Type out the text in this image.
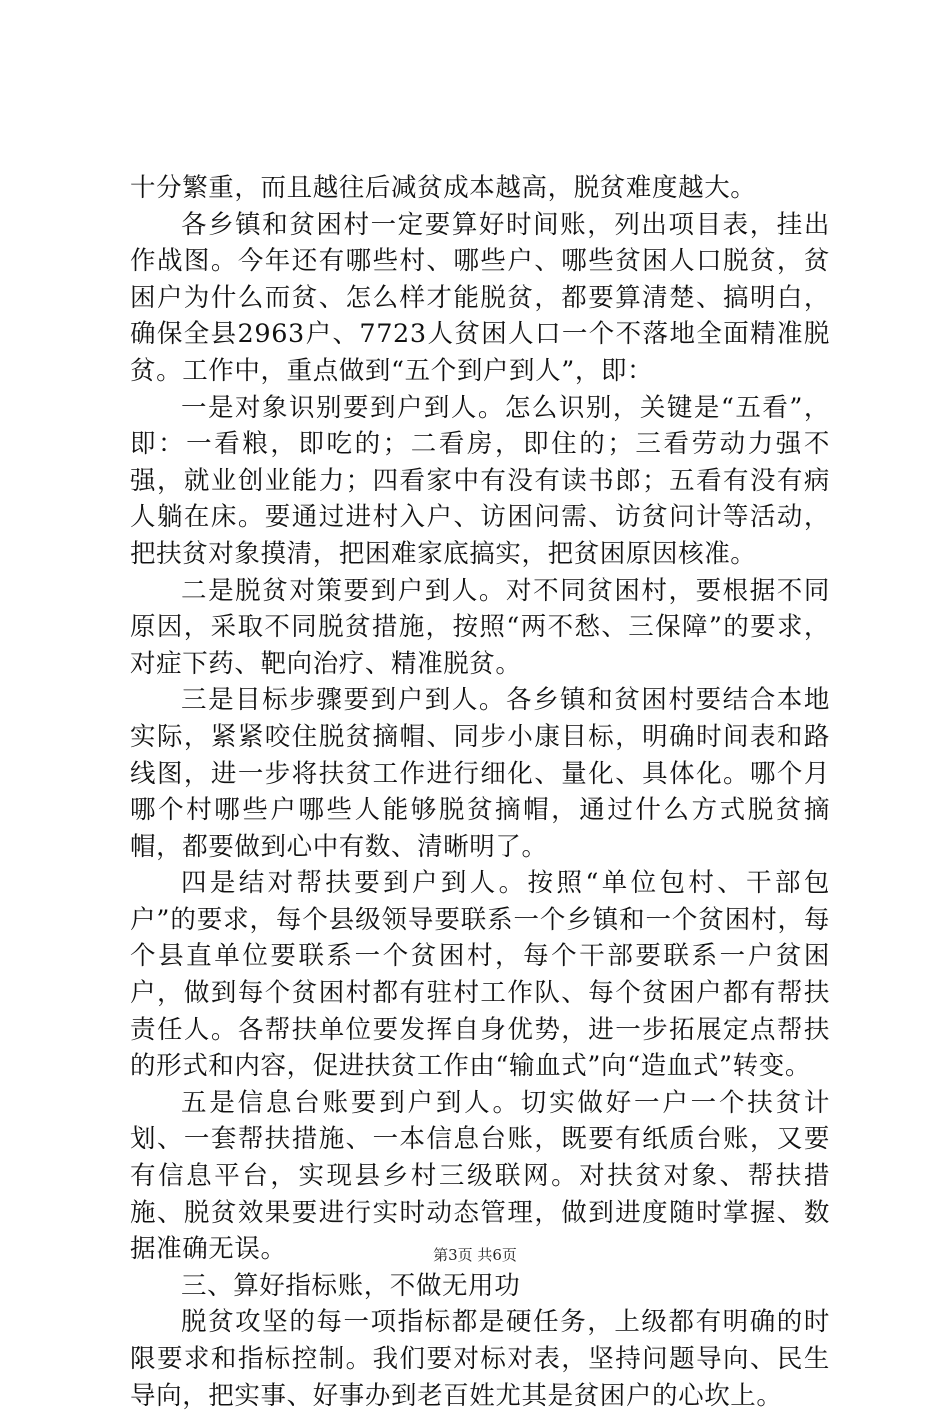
十分繁重，而且越往后减贫成本越高，脱贫难度越大。

各乡镇和贫困村一定要算好时间账，列出项目表，挂出作战图。今年还有哪些村、哪些户、哪些贫困人口脱贫，贫困户为什么而贫、怎么样才能脱贫，都要算清楚、搞明白，确保全县2963户、7723人贫困人口一个不落地全面精准脱贫。工作中，重点做到“五个到户到人”，即：

一是对象识别要到户到人。怎么识别，关键是“五看”，即：一看粮，即吃的；二看房，即住的；三看劳动力强不强，就业创业能力；四看家中有没有读书郎；五看有没有病人躺在床。要通过进村入户、访困问需、访贫问计等活动，把扶贫对象摸清，把困难家底搞实，把贫困原因核准。

二是脱贫对策要到户到人。对不同贫困村，要根据不同原因，采取不同脱贫措施，按照“两不愁、三保障”的要求，对症下药、靶向治疗、精准脱贫。

三是目标步骤要到户到人。各乡镇和贫困村要结合本地实际，紧紧咬住脱贫摘帽、同步小康目标，明确时间表和路线图，进一步将扶贫工作进行细化、量化、具体化。哪个月哪个村哪些户哪些人能够脱贫摘帽，通过什么方式脱贫摘帽，都要做到心中有数、清晰明了。

四是结对帮扶要到户到人。按照“单位包村、干部包户”的要求，每个县级领导要联系一个乡镇和一个贫困村，每个县直单位要联系一个贫困村，每个干部要联系一户贫困户，做到每个贫困村都有驻村工作队、每个贫困户都有帮扶责任人。各帮扶单位要发挥自身优势，进一步拓展定点帮扶的形式和内容，促进扶贫工作由“输血式”向“造血式”转变。

五是信息台账要到户到人。切实做好一户一个扶贫计划、一套帮扶措施、一本信息台账，既要有纸质台账，又要有信息平台，实现县乡村三级联网。对扶贫对象、帮扶措施、脱贫效果要进行实时动态管理，做到进度随时掌握、数据准确无误。

三、算好指标账，不做无用功

脱贫攻坚的每一项指标都是硬任务，上级都有明确的时限要求和指标控制。我们要对标对表，坚持问题导向、民生导向，把实事、好事办到老百姓尤其是贫困户的心坎上。

第3页 共6页
